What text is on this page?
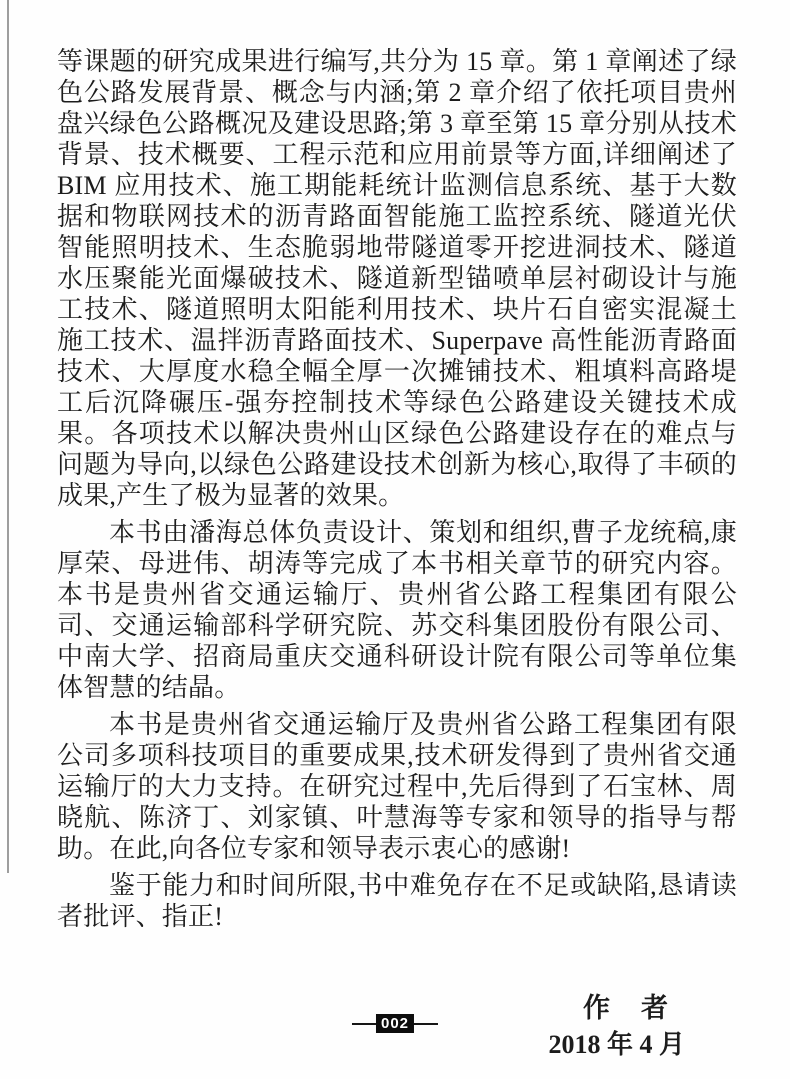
等课题的研究成果进行编写,共分为 15 章。第 1 章阐述了绿色公路发展背景、概念与内涵;第 2 章介绍了依托项目贵州盘兴绿色公路概况及建设思路;第 3 章至第 15 章分别从技术背景、技术概要、工程示范和应用前景等方面,详细阐述了 BIM 应用技术、施工期能耗统计监测信息系统、基于大数据和物联网技术的沥青路面智能施工监控系统、隧道光伏智能照明技术、生态脆弱地带隧道零开挖进洞技术、隧道水压聚能光面爆破技术、隧道新型锚喷单层衬砌设计与施工技术、隧道照明太阳能利用技术、块片石自密实混凝土施工技术、温拌沥青路面技术、Superpave 高性能沥青路面技术、大厚度水稳全幅全厚一次摊铺技术、粗填料高路堤工后沉降碾压-强夯控制技术等绿色公路建设关键技术成果。各项技术以解决贵州山区绿色公路建设存在的难点与问题为导向,以绿色公路建设技术创新为核心,取得了丰硕的成果,产生了极为显著的效果。

本书由潘海总体负责设计、策划和组织,曹子龙统稿,康厚荣、母进伟、胡涛等完成了本书相关章节的研究内容。本书是贵州省交通运输厅、贵州省公路工程集团有限公司、交通运输部科学研究院、苏交科集团股份有限公司、中南大学、招商局重庆交通科研设计院有限公司等单位集体智慧的结晶。

本书是贵州省交通运输厅及贵州省公路工程集团有限公司多项科技项目的重要成果,技术研发得到了贵州省交通运输厅的大力支持。在研究过程中,先后得到了石宝林、周晓航、陈济丁、刘家镇、叶慧海等专家和领导的指导与帮助。在此,向各位专家和领导表示衷心的感谢!

鉴于能力和时间所限,书中难免存在不足或缺陷,恳请读者批评、指正!

作　者
2018 年 4 月
002
